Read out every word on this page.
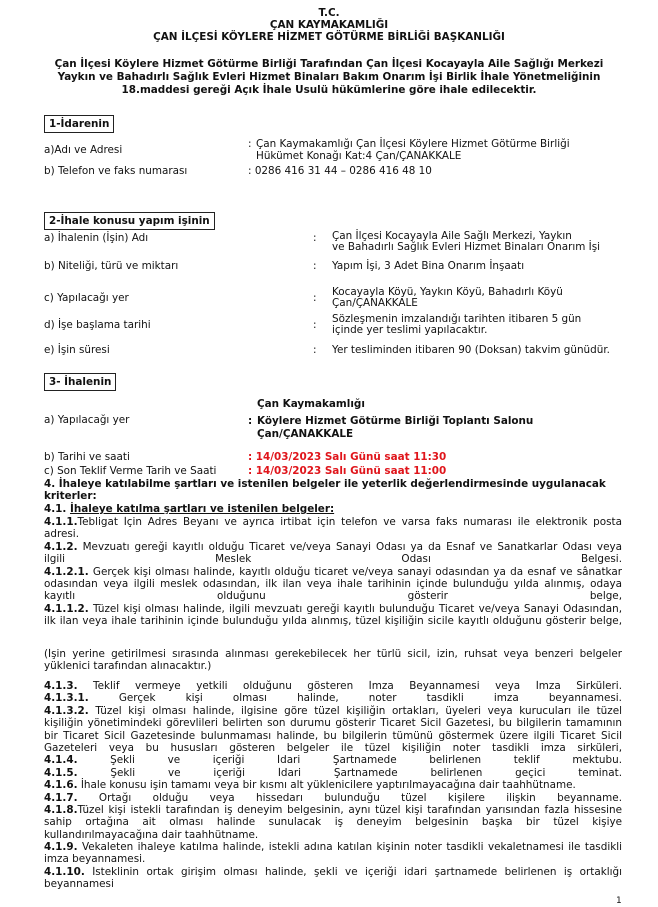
T.C.
ÇAN KAYMAKAMLIĞI
ÇAN İLÇESİ KÖYLERE HİZMET GÖTÜRME BİRLİĞİ BAŞKANLIĞI
Çan İlçesi Köylere Hizmet Götürme Birliği Tarafından Çan İlçesi Kocayayla Aile Sağlığı Merkezi
Yaykın ve Bahadırlı Sağlık Evleri Hizmet Binaları Bakım Onarım İşi Birlik İhale Yönetmeliğinin
18.maddesi gereği Açık İhale Usulü hükümlerine göre ihale edilecektir.
1-İdarenin
a)Adı ve Adresi	: Çan Kaymakamlığı Çan İlçesi Köylere Hizmet Götürme Birliği
Hükümet Konağı Kat:4 Çan/ÇANAKKALE
b) Telefon ve faks numarası	: 0286 416 31 44 – 0286 416 48 10
2-İhale konusu yapım işinin
a) İhalenin (İşin) Adı	: Çan İlçesi Kocayayla Aile Sağlı Merkezi, Yaykın
ve Bahadırlı Sağlık Evleri Hizmet Binaları Onarım İşi
b) Niteliği, türü ve miktarı	: Yapım İşi, 3 Adet Bina Onarım İnşaatı
c) Yapılacağı yer	: Kocayayla Köyü, Yaykın Köyü, Bahadırlı Köyü
Çan/ÇANAKKALE
d) İşe başlama tarihi	: Sözleşmenin imzalandığı tarihten itibaren 5 gün
içinde yer teslimi yapılacaktır.
e) İşin süresi	: Yer tesliminden itibaren 90 (Doksan) takvim günüdür.
3- İhalenin
Çan Kaymakamlığı
a) Yapılacağı yer	: Köylere Hizmet Götürme Birliği Toplantı Salonu
Çan/ÇANAKKALE
b) Tarihi ve saati	: 14/03/2023 Salı Günü saat 11:30
c) Son Teklif Verme Tarih ve Saati	: 14/03/2023 Salı Günü saat 11:00
4. İhaleye katılabilme şartları ve istenilen belgeler ile yeterlik değerlendirmesinde uygulanacak
kriterler:
4.1. İhaleye katılma şartları ve istenilen belgeler:
4.1.1.Tebligat İçin Adres Beyanı ve ayrıca irtibat için telefon ve varsa faks numarası ile elektronik posta
adresi.
4.1.2. Mevzuatı gereği kayıtlı olduğu Ticaret ve/veya Sanayi Odası ya da Esnaf ve Sanatkarlar Odası veya
ilgili Meslek Odası Belgesi.
4.1.2.1. Gerçek kişi olması halinde, kayıtlı olduğu ticaret ve/veya sanayi odasından ya da esnaf ve sânatkar
odasından veya ilgili meslek odasından, ilk ilan veya ihale tarihinin içinde bulunduğu yılda alınmış, odaya
kayıtlı olduğunu gösterir belge,
4.1.1.2. Tüzel kişi olması halinde, ilgili mevzuatı gereği kayıtlı bulunduğu Ticaret ve/veya Sanayi Odasından,
ilk ilan veya ihale tarihinin içinde bulunduğu yılda alınmış, tüzel kişiliğin sicile kayıtlı olduğunu gösterir belge,
(İşin yerine getirilmesi sırasında alınması gerekebilecek her türlü sicil, izin, ruhsat veya benzeri belgeler
yüklenici tarafından alınacaktır.)
4.1.3. Teklif vermeye yetkili olduğunu gösteren İmza Beyannamesi veya İmza Sirküleri.
4.1.3.1. Gerçek kişi olması halinde, noter tasdikli imza beyannamesi.
4.1.3.2. Tüzel kişi olması halinde, ilgisine göre tüzel kişiliğin ortakları, üyeleri veya kurucuları ile tüzel
kişiliğin yönetimindeki görevlileri belirten son durumu gösterir Ticaret Sicil Gazetesi, bu bilgilerin tamamının
bir Ticaret Sicil Gazetesinde bulunmaması halinde, bu bilgilerin tümünü göstermek üzere ilgili Ticaret Sicil
Gazeteleri veya bu hususları gösteren belgeler ile tüzel kişiliğin noter tasdikli imza sirküleri,
4.1.4. Şekli ve içeriği İdari Şartnamede belirlenen teklif mektubu.
4.1.5. Şekli ve içeriği İdari Şartnamede belirlenen geçici teminat.
4.1.6. İhale konusu işin tamamı veya bir kısmı alt yüklenicilere yaptırılmayacağına dair taahhütname.
4.1.7. Ortağı olduğu veya hissedarı bulunduğu tüzel kişilere ilişkin beyanname.
4.1.8.Tüzel kişi istekli tarafından iş deneyim belgesinin, aynı tüzel kişi tarafından yarısından fazla hissesine
sahip ortağına ait olması halinde sunulacak iş deneyim belgesinin başka bir tüzel kişiye
kullandırılmayacağına dair taahhütname.
4.1.9. Vekaleten ihaleye katılma halinde, istekli adına katılan kişinin noter tasdikli vekaletnamesi ile tasdikli
imza beyannamesi.
4.1.10. İsteklinin ortak girişim olması halinde, şekli ve içeriği idari şartnamede belirlenen iş ortaklığı
beyannamesi
1
